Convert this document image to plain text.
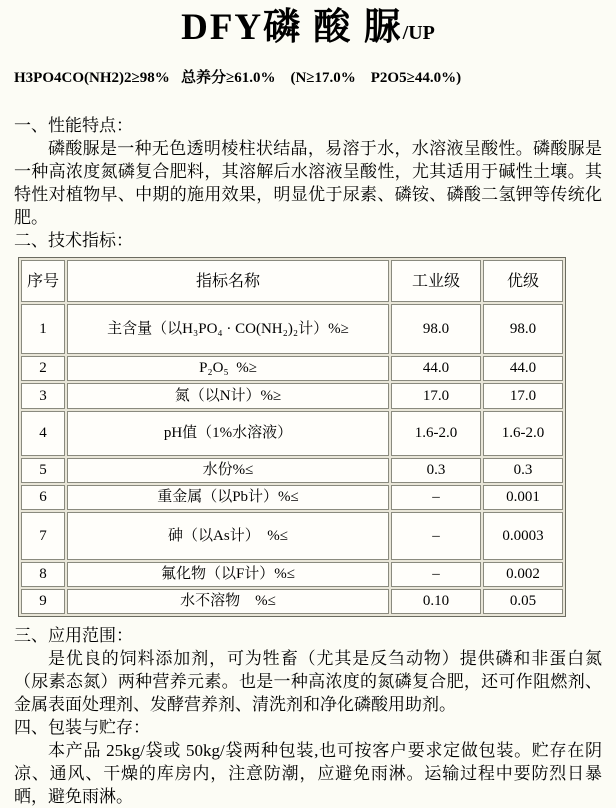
DFY磷 酸 脲/UP
H3PO4CO(NH2)2≥98%   总养分≥61.0%    (N≥17.0%    P2O5≥44.0%)
一、性能特点：
磷酸脲是一种无色透明棱柱状结晶，易溶于水，水溶液呈酸性。磷酸脲是一种高浓度氮磷复合肥料，其溶解后水溶液呈酸性，尤其适用于碱性土壤。其特性对植物早、中期的施用效果，明显优于尿素、磷铵、磷酸二氢钾等传统化肥。
二、技术指标：
序号	指标名称	工业级	优级
1	主含量（以H₃PO₄ · CO(NH₂)₂计）%≥	98.0	98.0
2	P₂O₅  %≥	44.0	44.0
3	氮（以N计）%≥	17.0	17.0
4	pH值（1%水溶液）	1.6-2.0	1.6-2.0
5	水份%≤	0.3	0.3
6	重金属（以Pb计）%≤	–	0.001
7	砷（以As计）　%≤	–	0.0003
8	氟化物（以F计）%≤	–	0.002
9	水不溶物　%≤	0.10	0.05
三、应用范围：
是优良的饲料添加剂，可为牲畜（尤其是反刍动物）提供磷和非蛋白氮（尿素态氮）两种营养元素。也是一种高浓度的氮磷复合肥，还可作阻燃剂、金属表面处理剂、发酵营养剂、清洗剂和净化磷酸用助剂。
四、包装与贮存：
本产品 25kg/袋或 50kg/袋两种包装,也可按客户要求定做包装。贮存在阴凉、通风、干燥的库房内，注意防潮，应避免雨淋。运输过程中要防烈日暴晒，避免雨淋。
